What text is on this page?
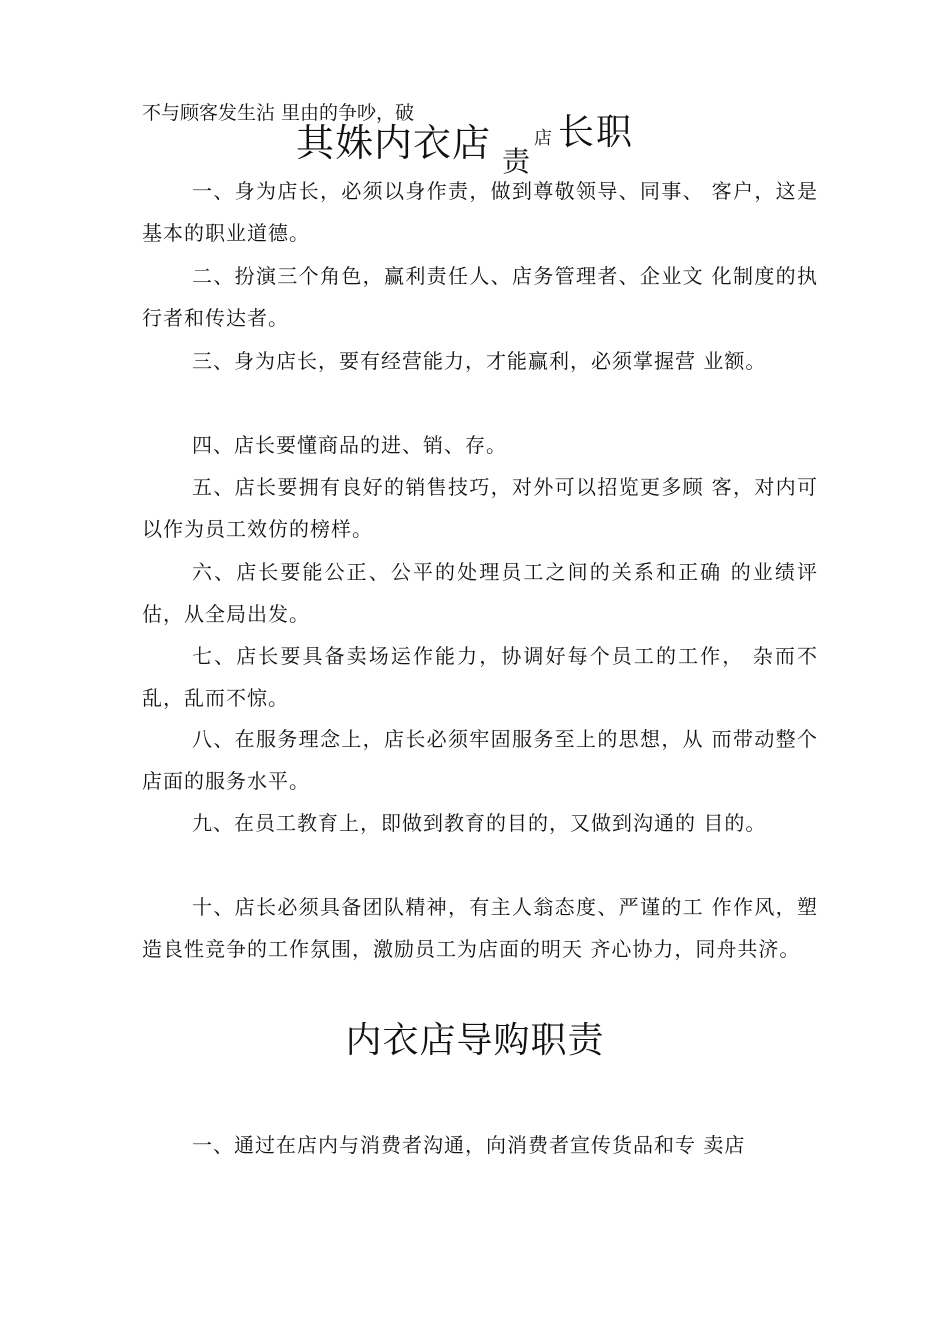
不与顾客发生沾 里由的争吵，破
其姝内衣店 店 长职
责

一、身为店长，必须以身作责，做到尊敬领导、同事、 客户，这是基本的职业道德。

二、扮演三个角色，赢利责任人、店务管理者、企业文 化制度的执行者和传达者。

三、身为店长，要有经营能力，才能赢利，必须掌握营 业额。

四、店长要懂商品的进、销、存。

五、店长要拥有良好的销售技巧，对外可以招览更多顾 客，对内可以作为员工效仿的榜样。

六、店长要能公正、公平的处理员工之间的关系和正确 的业绩评估，从全局出发。

七、店长要具备卖场运作能力，协调好每个员工的工作， 杂而不乱，乱而不惊。

八、在服务理念上，店长必须牢固服务至上的思想，从 而带动整个店面的服务水平。

九、在员工教育上，即做到教育的目的，又做到沟通的 目的。

十、店长必须具备团队精神，有主人翁态度、严谨的工 作作风，塑造良性竞争的工作氛围，激励员工为店面的明天 齐心协力，同舟共济。

内衣店导购职责

一、通过在店内与消费者沟通，向消费者宣传货品和专 卖店
